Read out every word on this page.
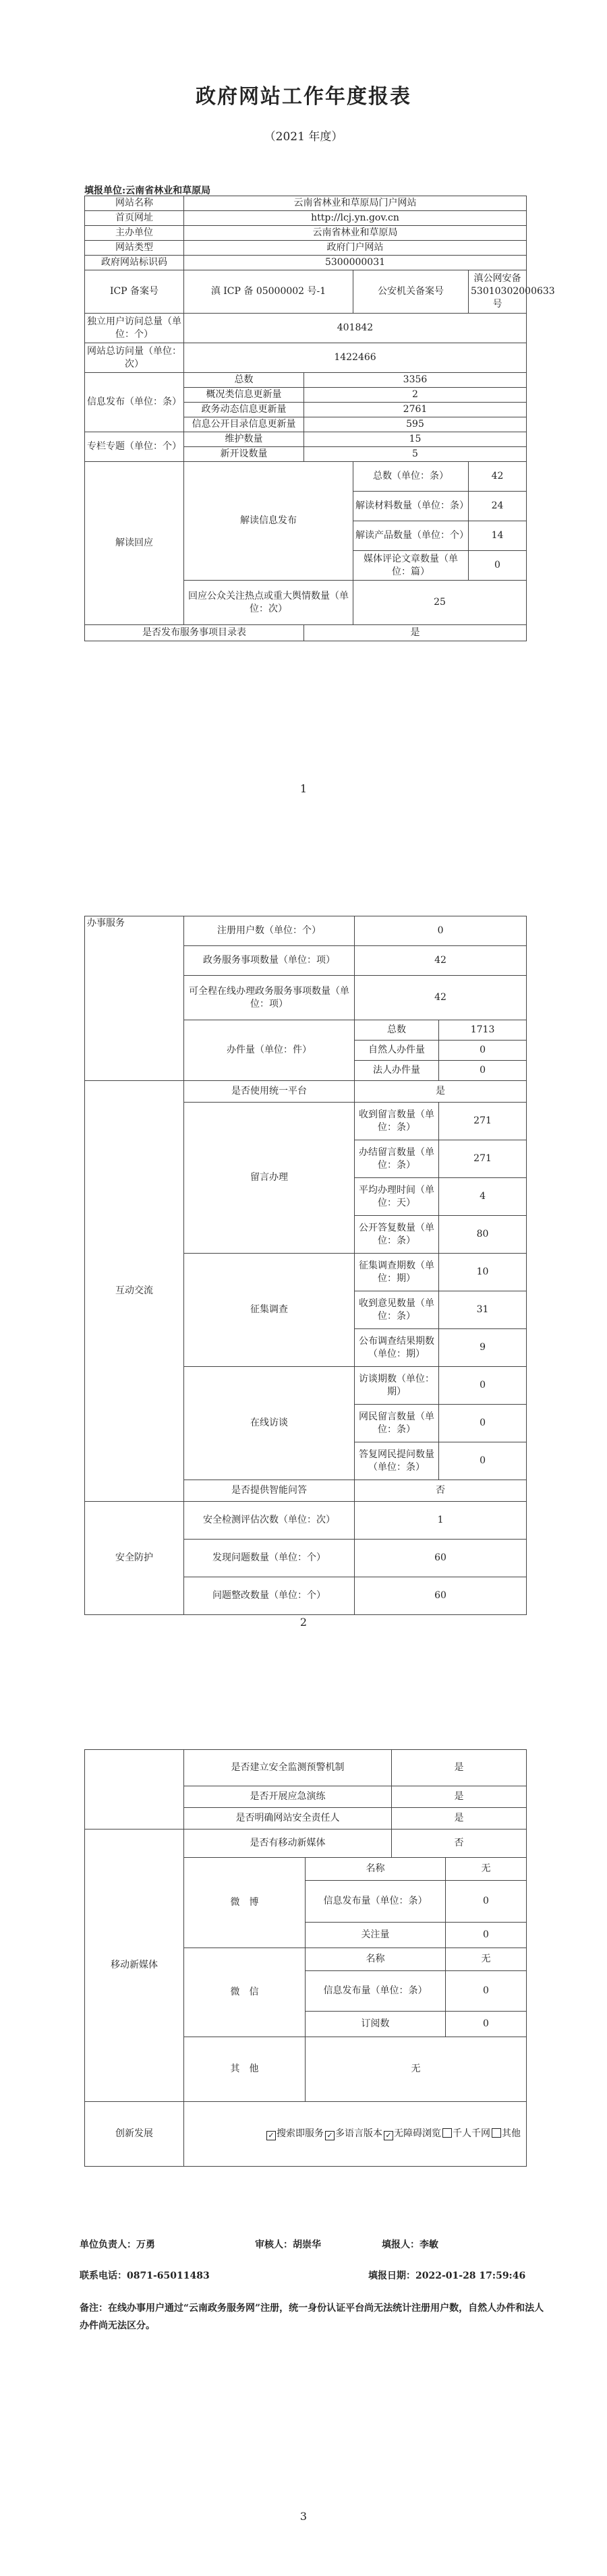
政府网站工作年度报表
（2021 年度）
填报单位:云南省林业和草原局
网站名称	云南省林业和草原局门户网站			
首页网址	http://lcj.yn.gov.cn			
主办单位	云南省林业和草原局			
网站类型	政府门户网站			
政府网站标识码	5300000031			
ICP 备案号	滇 ICP 备 05000002 号-1		公安机关备案号	滇公网安备 53010302000633 号
独立用户访问总量（单位：个）	401842			
网站总访问量（单位：次）	1422466			
信息发布（单位：条）	总数	3356		
	概况类信息更新量	2		
	政务动态信息更新量	2761		
	信息公开目录信息更新量	595		
专栏专题（单位：个）	维护数量	15		
	新开设数量	5		
解读回应	解读信息发布		总数（单位：条）	42
			解读材料数量（单位：条）	24
			解读产品数量（单位：个）	14
			媒体评论文章数量（单位：篇）	0
	回应公众关注热点或重大舆情数量（单位：次）		25	
是否发布服务事项目录表		是		
1
办事服务	注册用户数（单位：个）	0	
	政务服务事项数量（单位：项）	42	
	可全程在线办理政务服务事项数量（单位：项）	42	
	办件量（单位：件）	总数	1713
		自然人办件量	0
		法人办件量	0
互动交流	是否使用统一平台	是	
	留言办理	收到留言数量（单位：条）	271
		办结留言数量（单位：条）	271
		平均办理时间（单位：天）	4
		公开答复数量（单位：条）	80
	征集调查	征集调查期数（单位：期）	10
		收到意见数量（单位：条）	31
		公布调查结果期数（单位：期）	9
	在线访谈	访谈期数（单位：期）	0
		网民留言数量（单位：条）	0
		答复网民提问数量（单位：条）	0
	是否提供智能问答	否	
安全防护	安全检测评估次数（单位：次）	1	
	发现问题数量（单位：个）	60	
	问题整改数量（单位：个）	60	
2
	是否建立安全监测预警机制		是	
	是否开展应急演练		是	
	是否明确网站安全责任人		是	
移动新媒体	是否有移动新媒体		否	
	微　博	名称		无
		信息发布量（单位：条）		0
		关注量		0
	微　信	名称		无
		信息发布量（单位：条）		0
		订阅数		0
	其　他	无		
创新发展	✓ 搜索即服务 ✓ 多语言版本 ✓ 无障碍浏览 千人千网 其他			
单位负责人：万勇	审核人：胡崇华	填报人：李敏
联系电话：0871-65011483	填报日期：2022-01-28 17:59:46
备注：在线办事用户通过“云南政务服务网”注册，统一身份认证平台尚无法统计注册用户数，自然人办件和法人办件尚无法区分。
3
